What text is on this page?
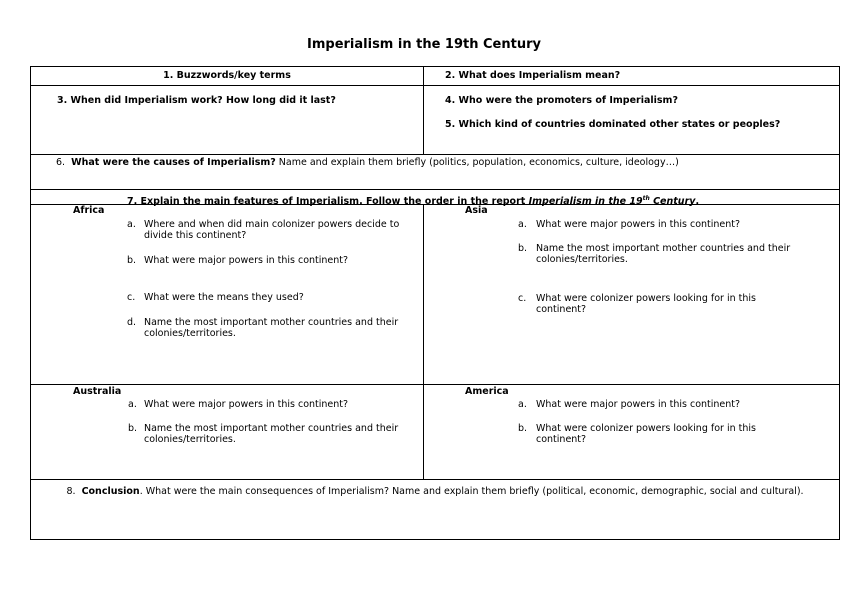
Imperialism in the 19th Century
1. Buzzwords/key terms	2. What does Imperialism mean?
3. When did Imperialism work? How long did it last?	4. Who were the promoters of Imperialism?
5. Which kind of countries dominated other states or peoples?
6. What were the causes of Imperialism? Name and explain them briefly (politics, population, economics, culture, ideology…)
7. Explain the main features of Imperialism. Follow the order in the report Imperialism in the 19th Century.
Africa
a. Where and when did main colonizer powers decide to divide this continent?
b. What were major powers in this continent?
c. What were the means they used?
d. Name the most important mother countries and their colonies/territories.
Asia
a. What were major powers in this continent?
b. Name the most important mother countries and their colonies/territories.
c. What were colonizer powers looking for in this continent?
Australia
a. What were major powers in this continent?
b. Name the most important mother countries and their colonies/territories.
America
a. What were major powers in this continent?
b. What were colonizer powers looking for in this continent?
8. Conclusion. What were the main consequences of Imperialism? Name and explain them briefly (political, economic, demographic, social and cultural).
